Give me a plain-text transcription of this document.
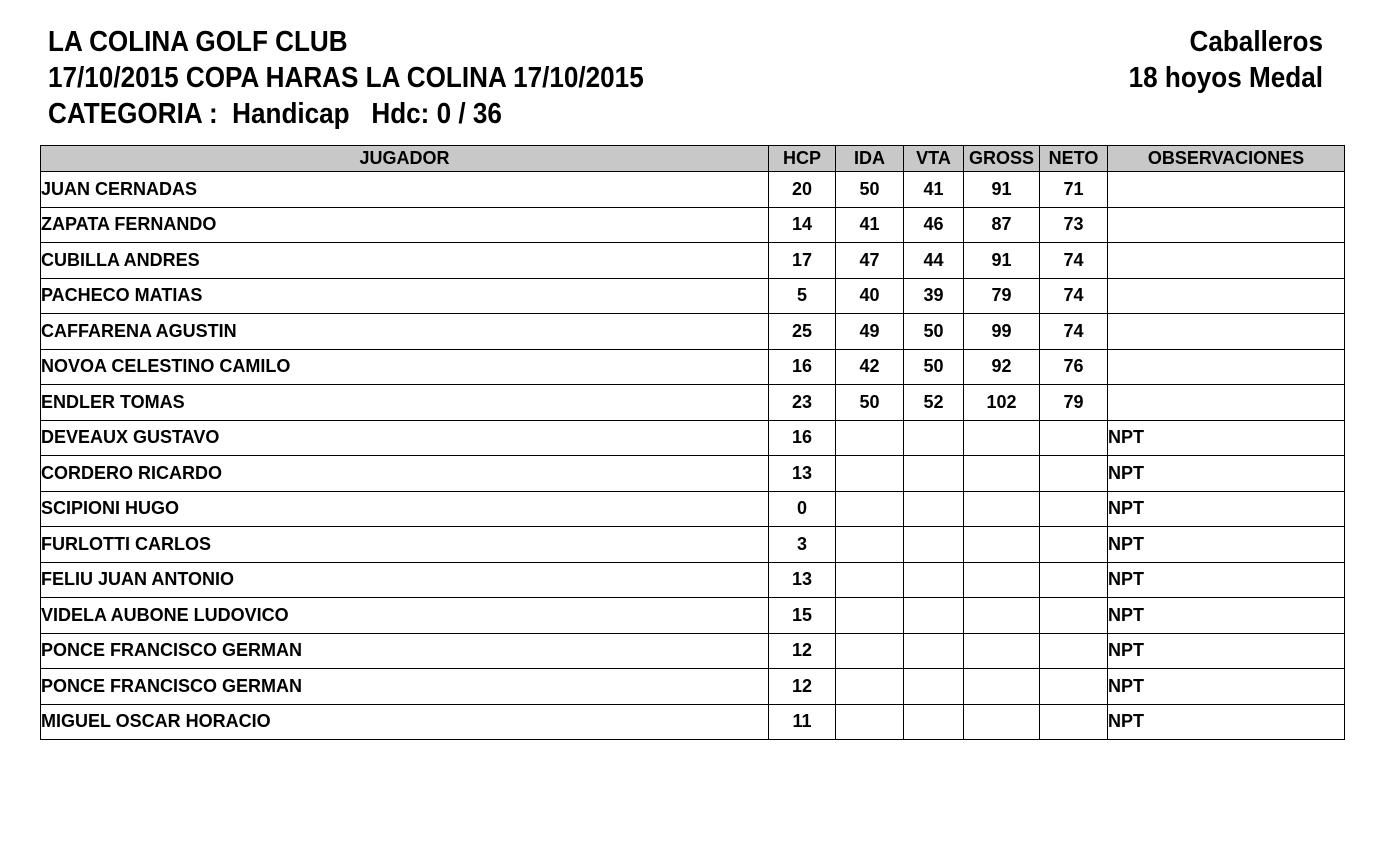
LA COLINA GOLF CLUB
17/10/2015 COPA HARAS LA COLINA 17/10/2015
CATEGORIA :  Handicap   Hdc: 0 / 36
Caballeros
18 hoyos Medal
JUGADOR	HCP	IDA	VTA	GROSS	NETO	OBSERVACIONES
JUAN CERNADAS	20	50	41	91	71	
ZAPATA FERNANDO	14	41	46	87	73	
CUBILLA ANDRES	17	47	44	91	74	
PACHECO MATIAS	5	40	39	79	74	
CAFFARENA AGUSTIN	25	49	50	99	74	
NOVOA CELESTINO CAMILO	16	42	50	92	76	
ENDLER TOMAS	23	50	52	102	79	
DEVEAUX GUSTAVO	16					NPT
CORDERO RICARDO	13					NPT
SCIPIONI HUGO	0					NPT
FURLOTTI CARLOS	3					NPT
FELIU JUAN ANTONIO	13					NPT
VIDELA AUBONE LUDOVICO	15					NPT
PONCE FRANCISCO GERMAN	12					NPT
PONCE FRANCISCO GERMAN	12					NPT
MIGUEL OSCAR HORACIO	11					NPT
